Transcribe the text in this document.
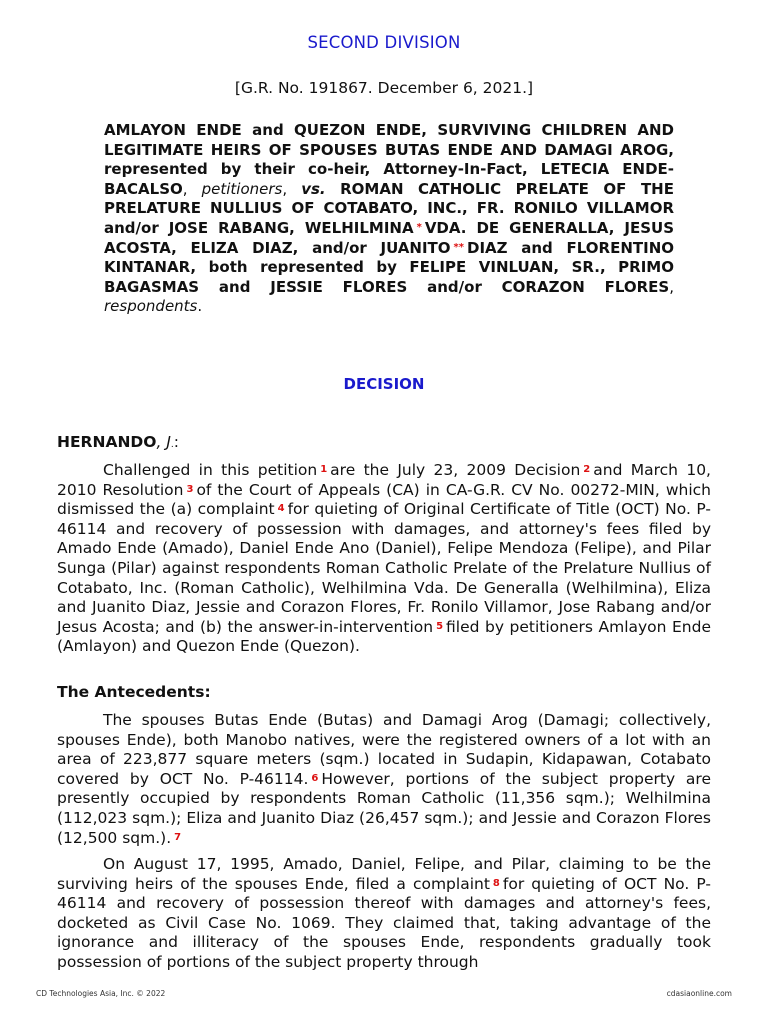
SECOND DIVISION
[G.R. No. 191867. December 6, 2021.]
AMLAYON ENDE and QUEZON ENDE, SURVIVING CHILDREN AND LEGITIMATE HEIRS OF SPOUSES BUTAS ENDE AND DAMAGI AROG, represented by their co-heir, Attorney-In-Fact, LETECIA ENDE-BACALSO, petitioners, vs. ROMAN CATHOLIC PRELATE OF THE PRELATURE NULLIUS OF COTABATO, INC., FR. RONILO VILLAMOR and/or JOSE RABANG, WELHILMINA * VDA. DE GENERALLA, JESUS ACOSTA, ELIZA DIAZ, and/or JUANITO ** DIAZ and FLORENTINO KINTANAR, both represented by FELIPE VINLUAN, SR., PRIMO BAGASMAS and JESSIE FLORES and/or CORAZON FLORES, respondents.
DECISION
HERNANDO, J.:

Challenged in this petition $^1$ are the July 23, 2009 Decision $^2$ and March 10, 2010 Resolution $^3$ of the Court of Appeals (CA) in CA-G.R. CV No. 00272-MIN, which dismissed the (a) complaint $^4$ for quieting of Original Certificate of Title (OCT) No. P-46114 and recovery of possession with damages, and attorney's fees filed by Amado Ende (Amado), Daniel Ende Ano (Daniel), Felipe Mendoza (Felipe), and Pilar Sunga (Pilar) against respondents Roman Catholic Prelate of the Prelature Nullius of Cotabato, Inc. (Roman Catholic), Welhilmina Vda. De Generalla (Welhilmina), Eliza and Juanito Diaz, Jessie and Corazon Flores, Fr. Ronilo Villamor, Jose Rabang and/or Jesus Acosta; and (b) the answer-in-intervention $^5$ filed by petitioners Amlayon Ende (Amlayon) and Quezon Ende (Quezon).

The Antecedents:

The spouses Butas Ende (Butas) and Damagi Arog (Damagi; collectively, spouses Ende), both Manobo natives, were the registered owners of a lot with an area of 223,877 square meters (sqm.) located in Sudapin, Kidapawan, Cotabato covered by OCT No. P-46114. $^6$ However, portions of the subject property are presently occupied by respondents Roman Catholic (11,356 sqm.); Welhilmina (112,023 sqm.); Eliza and Juanito Diaz (26,457 sqm.); and Jessie and Corazon Flores (12,500 sqm.). $^7$

On August 17, 1995, Amado, Daniel, Felipe, and Pilar, claiming to be the surviving heirs of the spouses Ende, filed a complaint $^8$ for quieting of OCT No. P-46114 and recovery of possession thereof with damages and attorney's fees, docketed as Civil Case No. 1069. They claimed that, taking advantage of the ignorance and illiteracy of the spouses Ende, respondents gradually took possession of portions of the subject property through

CD Technologies Asia, Inc. © 2022	cdasiaonline.com
